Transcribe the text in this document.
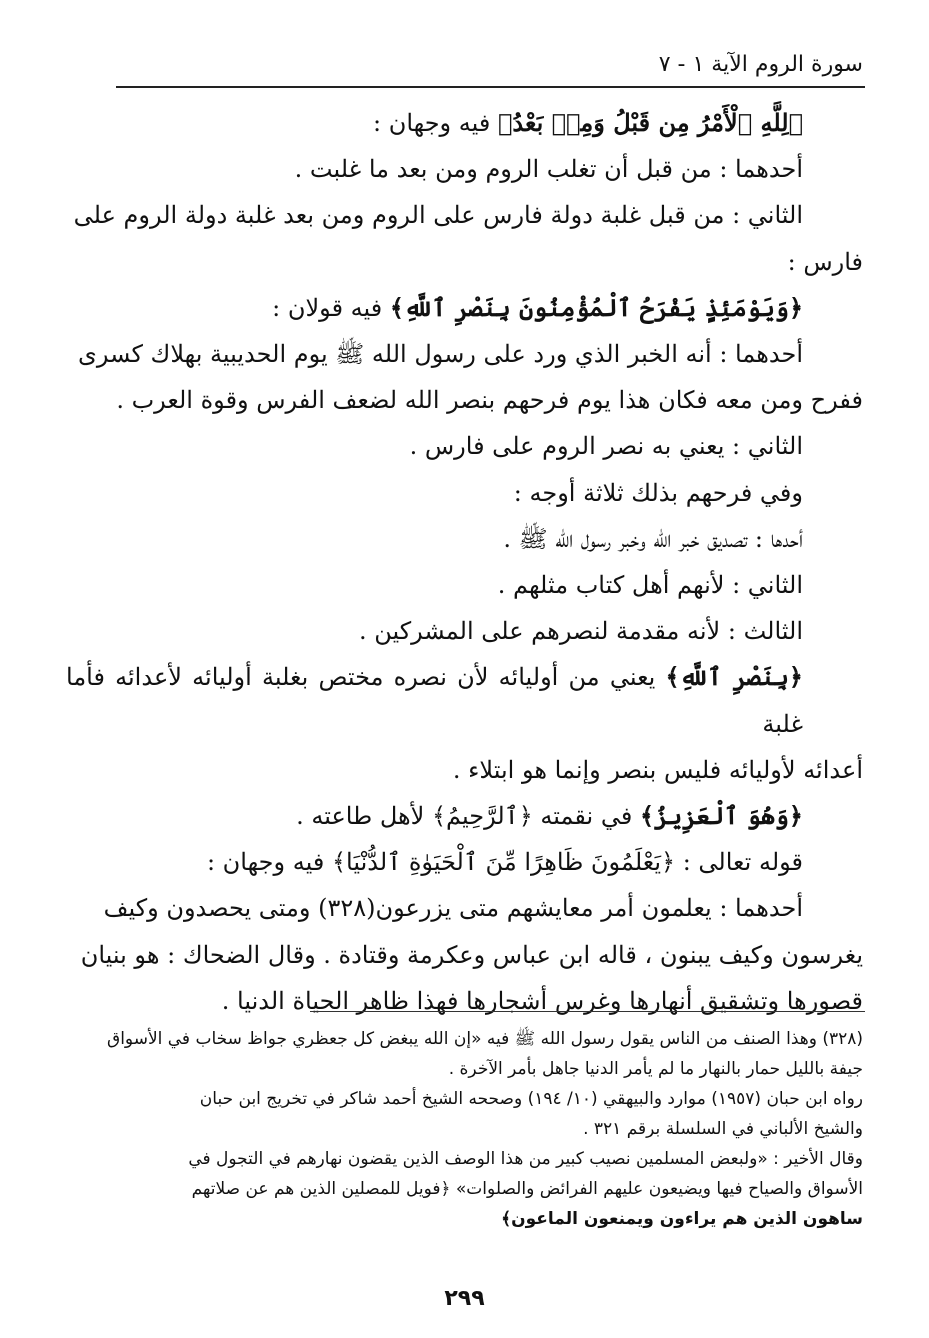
سورة الروم الآية ١ - ٧

﴿لِلَّهِ ٱلْأَمْرُ مِن قَبْلُ وَمِنۢ بَعْدُ﴾ فيه وجهان :

أحدهما : من قبل أن تغلب الروم ومن بعد ما غلبت .

الثاني : من قبل غلبة دولة فارس على الروم ومن بعد غلبة دولة الروم على

فارس :

﴿وَيَوْمَئِذٍ يَفْرَحُ ٱلْمُؤْمِنُونَ بِنَصْرِ ٱللَّهِ﴾ فيه قولان :

أحدهما : أنه الخبر الذي ورد على رسول الله ﷺ يوم الحديبية بهلاك كسرى

ففرح ومن معه فكان هذا يوم فرحهم بنصر الله لضعف الفرس وقوة العرب .

الثاني : يعني به نصر الروم على فارس .

وفي فرحهم بذلك ثلاثة أوجه :

أحدها : تصديق خبر الله وخبر رسول الله ﷺ .

الثاني : لأنهم أهل كتاب مثلهم .

الثالث : لأنه مقدمة لنصرهم على المشركين .

﴿بِنَصْرِ ٱللَّهِ﴾ يعني من أوليائه لأن نصره مختص بغلبة أوليائه لأعدائه فأما غلبة

أعدائه لأوليائه فليس بنصر وإنما هو ابتلاء .

﴿وَهُوَ ٱلْعَزِيزُ﴾ في نقمته ﴿ٱلرَّحِيمُ﴾ لأهل طاعته .

قوله تعالى : ﴿يَعْلَمُونَ ظَاهِرًا مِّنَ ٱلْحَيَوٰةِ ٱلدُّنْيَا﴾ فيه وجهان :

أحدهما : يعلمون أمر معايشهم متى يزرعون(٣٢٨) ومتى يحصدون وكيف

يغرسون وكيف يبنون ، قاله ابن عباس وعكرمة وقتادة . وقال الضحاك : هو بنيان

قصورها وتشقيق أنهارها وغرس أشجارها فهذا ظاهر الحياة الدنيا .

(٣٢٨) وهذا الصنف من الناس يقول رسول الله ﷺ فيه «إن الله يبغض كل جعظري جواظ سخاب في الأسواق

جيفة بالليل حمار بالنهار ما لم يأمر الدنيا جاهل بأمر الآخرة .

رواه ابن حبان (١٩٥٧) موارد والبيهقي (١٠/ ١٩٤) وصححه الشيخ أحمد شاكر في تخريج ابن حبان

والشيخ الألباني في السلسلة برقم ٣٢١ .

وقال الأخير : «ولبعض المسلمين نصيب كبير من هذا الوصف الذين يقضون نهارهم في التجول في

الأسواق والصياح فيها ويضيعون عليهم الفرائض والصلوات» ﴿فويل للمصلين الذين هم عن صلاتهم

ساهون الذين هم يراءون ويمنعون الماعون﴾

٢٩٩
